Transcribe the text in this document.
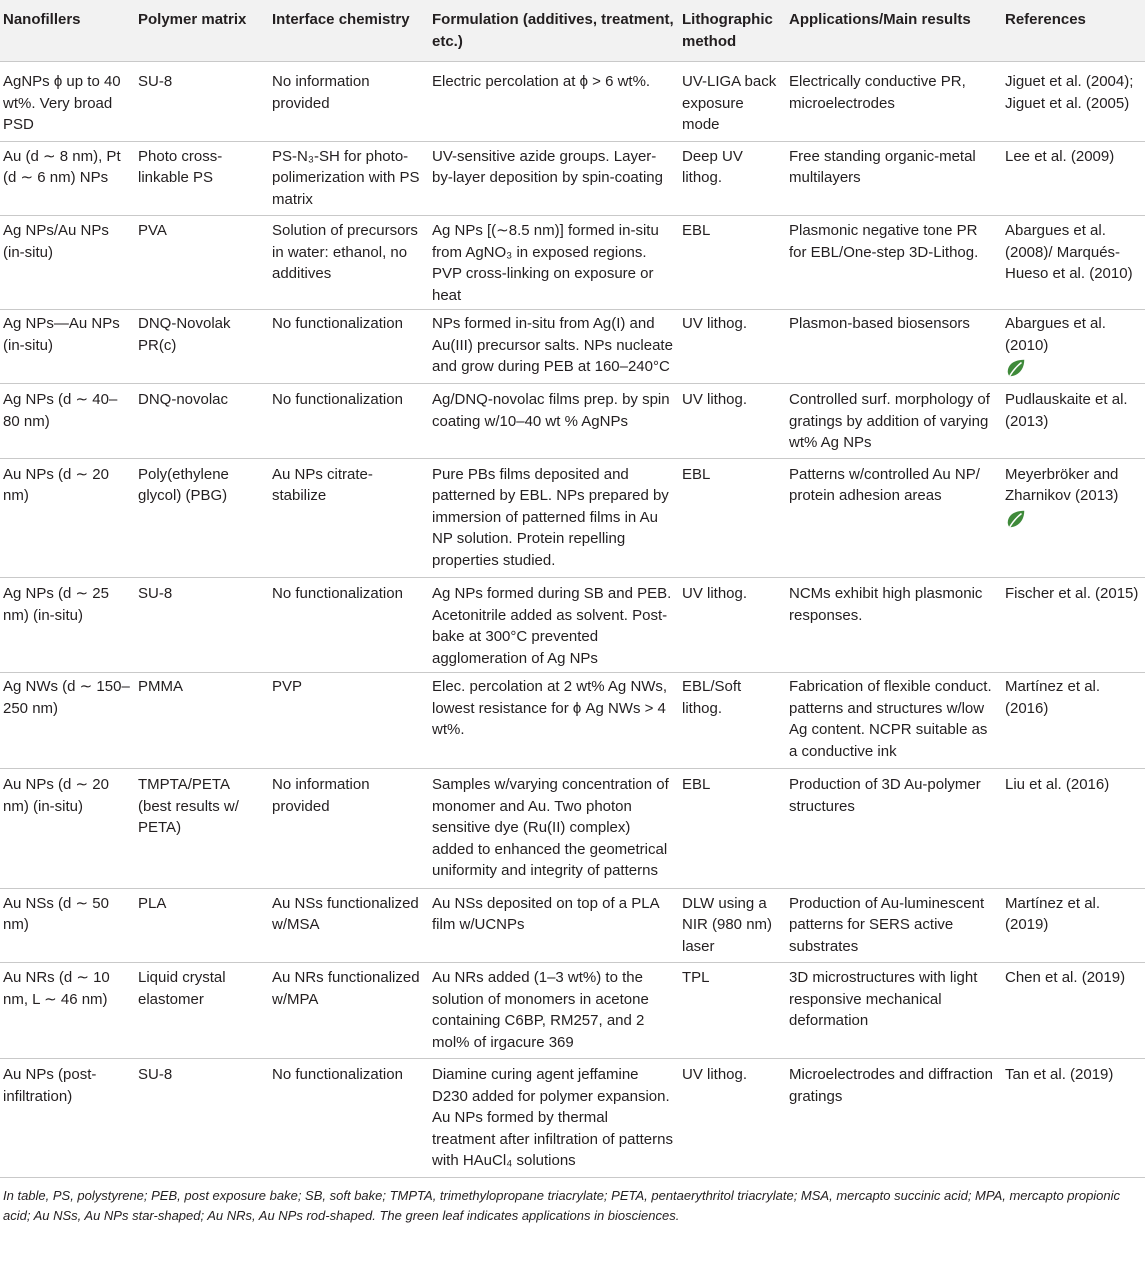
Nanofillers	Polymer matrix	Interface chemistry	Formulation (additives, treatment, etc.)	Lithographic method	Applications/Main results	References
AgNPs ϕ up to 40 wt%. Very broad PSD	SU-8	No information provided	Electric percolation at ϕ > 6 wt%.	UV-LIGA back exposure mode	Electrically conductive PR, microelectrodes	Jiguet et al. (2004); Jiguet et al. (2005)
Au (d ∼ 8 nm), Pt (d ∼ 6 nm) NPs	Photo cross-linkable PS	PS-N₃-SH for photo-polimerization with PS matrix	UV-sensitive azide groups. Layer-by-layer deposition by spin-coating	Deep UV lithog.	Free standing organic-metal multilayers	Lee et al. (2009)
Ag NPs/Au NPs (in-situ)	PVA	Solution of precursors in water: ethanol, no additives	Ag NPs [(∼8.5 nm)] formed in-situ from AgNO₃ in exposed regions. PVP cross-linking on exposure or heat	EBL	Plasmonic negative tone PR for EBL/One-step 3D-Lithog.	Abargues et al. (2008)/ Marqués-Hueso et al. (2010)
Ag NPs—Au NPs (in-situ)	DNQ-Novolak PR(c)	No functionalization	NPs formed in-situ from Ag(I) and Au(III) precursor salts. NPs nucleate and grow during PEB at 160–240°C	UV lithog.	Plasmon-based biosensors	Abargues et al. (2010)

Ag NPs (d ∼ 40–80 nm)	DNQ-novolac	No functionalization	Ag/DNQ-novolac films prep. by spin coating w/10–40 wt % AgNPs	UV lithog.	Controlled surf. morphology of gratings by addition of varying wt% Ag NPs	Pudlauskaite et al. (2013)
Au NPs (d ∼ 20 nm)	Poly(ethylene glycol) (PBG)	Au NPs citrate-stabilize	Pure PBs films deposited and patterned by EBL. NPs prepared by immersion of patterned films in Au NP solution. Protein repelling properties studied.	EBL	Patterns w/controlled Au NP/ protein adhesion areas	Meyerbröker and Zharnikov (2013)

Ag NPs (d ∼ 25 nm) (in-situ)	SU-8	No functionalization	Ag NPs formed during SB and PEB. Acetonitrile added as solvent. Post-bake at 300°C prevented agglomeration of Ag NPs	UV lithog.	NCMs exhibit high plasmonic responses.	Fischer et al. (2015)
Ag NWs (d ∼ 150–250 nm)	PMMA	PVP	Elec. percolation at 2 wt% Ag NWs, lowest resistance for ϕ Ag NWs > 4 wt%.	EBL/Soft lithog.	Fabrication of flexible conduct. patterns and structures w/low Ag content. NCPR suitable as a conductive ink	Martínez et al. (2016)
Au NPs (d ∼ 20 nm) (in-situ)	TMPTA/PETA (best results w/ PETA)	No information provided	Samples w/varying concentration of monomer and Au. Two photon sensitive dye (Ru(II) complex) added to enhanced the geometrical uniformity and integrity of patterns	EBL	Production of 3D Au-polymer structures	Liu et al. (2016)
Au NSs (d ∼ 50 nm)	PLA	Au NSs functionalized w/MSA	Au NSs deposited on top of a PLA film w/UCNPs	DLW using a NIR (980 nm) laser	Production of Au-luminescent patterns for SERS active substrates	Martínez et al. (2019)
Au NRs (d ∼ 10 nm, L ∼ 46 nm)	Liquid crystal elastomer	Au NRs functionalized w/MPA	Au NRs added (1–3 wt%) to the solution of monomers in acetone containing C6BP, RM257, and 2 mol% of irgacure 369	TPL	3D microstructures with light responsive mechanical deformation	Chen et al. (2019)
Au NPs (post-infiltration)	SU-8	No functionalization	Diamine curing agent jeffamine D230 added for polymer expansion. Au NPs formed by thermal treatment after infiltration of patterns with HAuCl₄ solutions	UV lithog.	Microelectrodes and diffraction gratings	Tan et al. (2019)
In table, PS, polystyrene; PEB, post exposure bake; SB, soft bake; TMPTA, trimethylopropane triacrylate; PETA, pentaerythritol triacrylate; MSA, mercapto succinic acid; MPA, mercapto propionic acid; Au NSs, Au NPs star-shaped; Au NRs, Au NPs rod-shaped. The green leaf indicates applications in biosciences.
